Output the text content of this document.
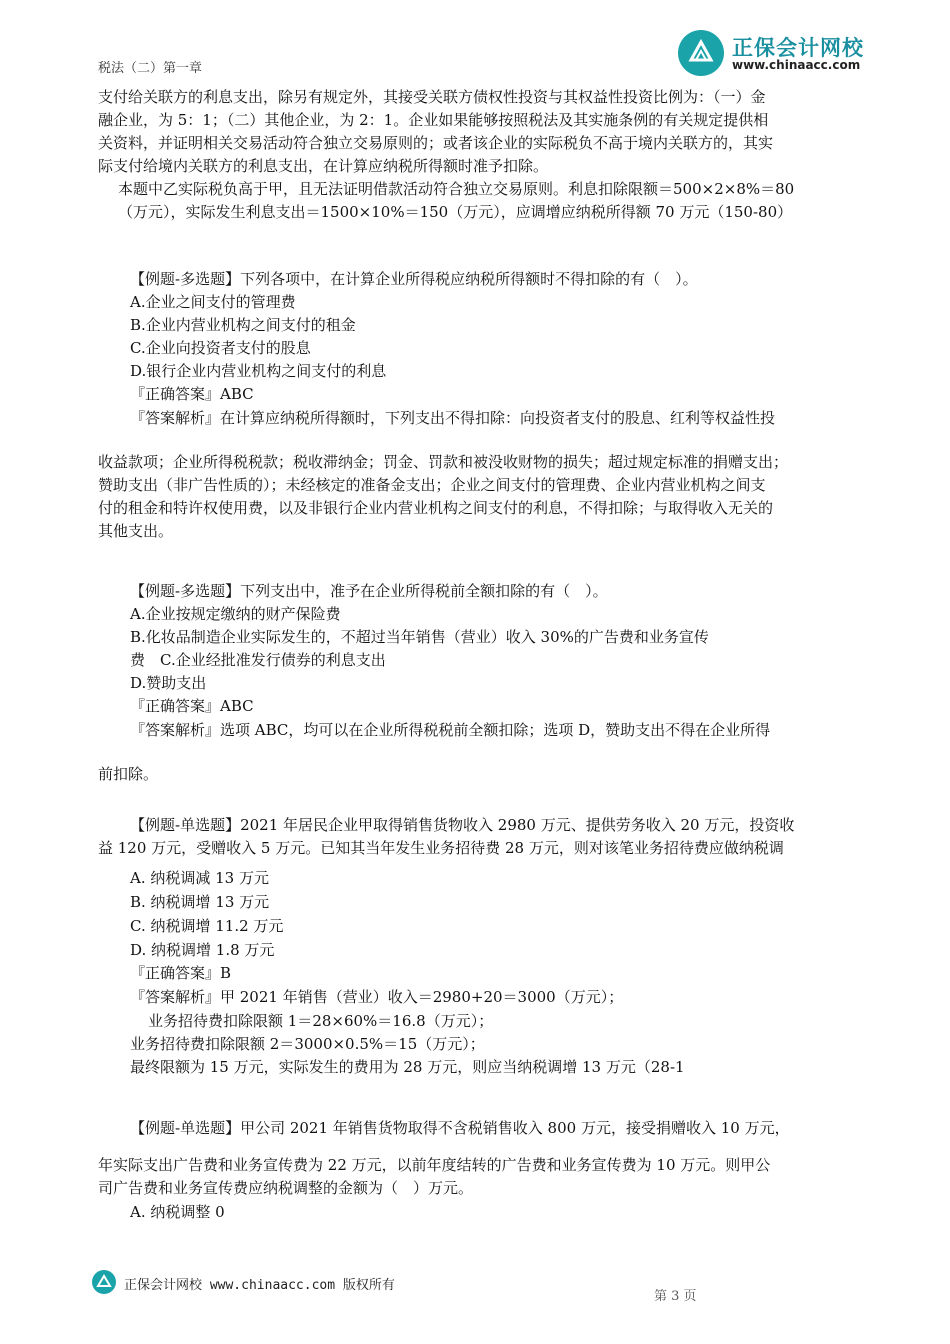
正保会计网校
www.chinaacc.com
税法（二）第一章
支付给关联方的利息支出，除另有规定外，其接受关联方债权性投资与其权益性投资比例为：（一）金
融企业，为 5：1；（二）其他企业，为 2：1。企业如果能够按照税法及其实施条例的有关规定提供相
关资料，并证明相关交易活动符合独立交易原则的；或者该企业的实际税负不高于境内关联方的，其实
际支付给境内关联方的利息支出，在计算应纳税所得额时准予扣除。
本题中乙实际税负高于甲，且无法证明借款活动符合独立交易原则。利息扣除限额＝500×2×8%＝80
（万元），实际发生利息支出＝1500×10%＝150（万元），应调增应纳税所得额 70 万元（150-80）
【例题-多选题】下列各项中，在计算企业所得税应纳税所得额时不得扣除的有（　）。
A.企业之间支付的管理费
B.企业内营业机构之间支付的租金
C.企业向投资者支付的股息
D.银行企业内营业机构之间支付的利息
『正确答案』ABC
『答案解析』在计算应纳税所得额时，下列支出不得扣除：向投资者支付的股息、红利等权益性投
收益款项；企业所得税税款；税收滞纳金；罚金、罚款和被没收财物的损失；超过规定标准的捐赠支出；
赞助支出（非广告性质的）；未经核定的准备金支出；企业之间支付的管理费、企业内营业机构之间支
付的租金和特许权使用费，以及非银行企业内营业机构之间支付的利息，不得扣除；与取得收入无关的
其他支出。
【例题-多选题】下列支出中，准予在企业所得税前全额扣除的有（　）。
A.企业按规定缴纳的财产保险费
B.化妆品制造企业实际发生的，不超过当年销售（营业）收入 30%的广告费和业务宣传
费　C.企业经批准发行债券的利息支出
D.赞助支出
『正确答案』ABC
『答案解析』选项 ABC，均可以在企业所得税税前全额扣除；选项 D，赞助支出不得在企业所得
前扣除。
【例题-单选题】2021 年居民企业甲取得销售货物收入 2980 万元、提供劳务收入 20 万元，投资收
益 120 万元，受赠收入 5 万元。已知其当年发生业务招待费 28 万元，则对该笔业务招待费应做纳税调
A. 纳税调减 13 万元
B. 纳税调增 13 万元
C. 纳税调增 11.2 万元
D. 纳税调增 1.8 万元
『正确答案』B
『答案解析』甲 2021 年销售（营业）收入＝2980+20＝3000（万元）；
业务招待费扣除限额 1＝28×60%＝16.8（万元）；
业务招待费扣除限额 2＝3000×0.5%＝15（万元）；
最终限额为 15 万元，实际发生的费用为 28 万元，则应当纳税调增 13 万元（28-1
【例题-单选题】甲公司 2021 年销售货物取得不含税销售收入 800 万元，接受捐赠收入 10 万元，
年实际支出广告费和业务宣传费为 22 万元，以前年度结转的广告费和业务宣传费为 10 万元。则甲公
司广告费和业务宣传费应纳税调整的金额为（　）万元。
A. 纳税调整 0
正保会计网校 www.chinaacc.com 版权所有
第 3 页
